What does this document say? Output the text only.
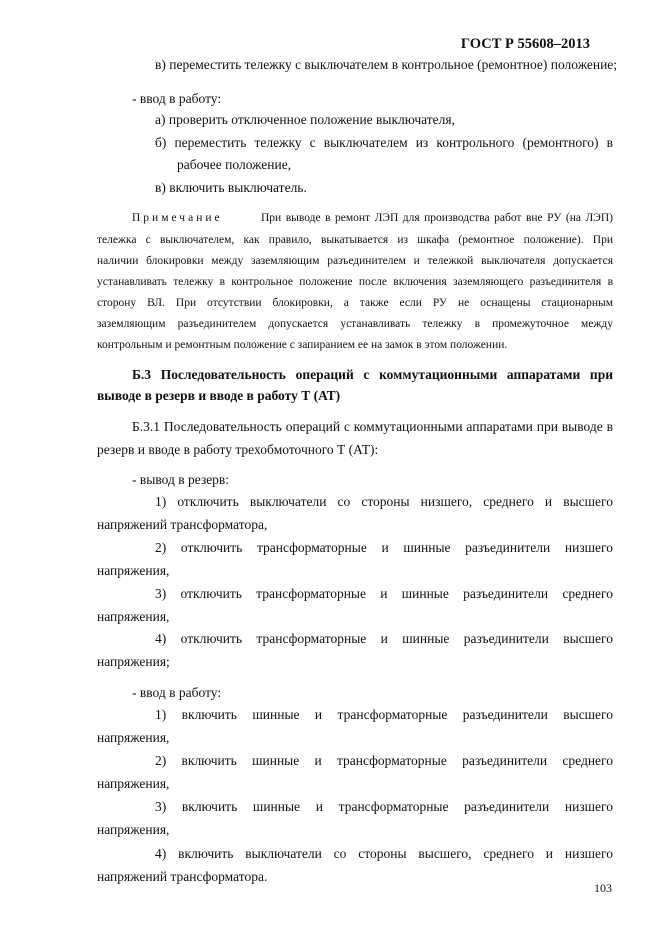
ГОСТ Р 55608–2013
в) переместить тележку с выключателем в контрольное (ремонтное) положение;
- ввод в работу:
а) проверить отключенное положение выключателя,
б) переместить тележку с выключателем из контрольного (ремонтного) в
рабочее положение,
в) включить выключатель.
Примечание	При выводе в ремонт ЛЭП для производства работ вне РУ (на ЛЭП)
тележка с выключателем, как правило, выкатывается из шкафа (ремонтное положение). При
наличии блокировки между заземляющим разъединителем и тележкой выключателя допускается
устанавливать тележку в контрольное положение после включения заземляющего разъединителя в
сторону ВЛ. При отсутствии блокировки, а также если РУ не оснащены стационарным
заземляющим разъединителем допускается устанавливать тележку в промежуточное между
контрольным и ремонтным положение с запиранием ее на замок в этом положении.
Б.3 Последовательность операций с коммутационными аппаратами при
выводе в резерв и вводе в работу Т (АТ)
Б.3.1 Последовательность операций с коммутационными аппаратами при выводе в
резерв и вводе в работу трехобмоточного Т (АТ):
- вывод в резерв:
1) отключить выключатели со стороны низшего, среднего и высшего
напряжений трансформатора,
2) отключить трансформаторные и шинные разъединители низшего
напряжения,
3) отключить трансформаторные и шинные разъединители среднего
напряжения,
4) отключить трансформаторные и шинные разъединители высшего
напряжения;
- ввод в работу:
1) включить шинные и трансформаторные разъединители высшего
напряжения,
2) включить шинные и трансформаторные разъединители среднего
напряжения,
3) включить шинные и трансформаторные разъединители низшего
напряжения,
4) включить выключатели со стороны высшего, среднего и низшего
напряжений трансформатора.
103
